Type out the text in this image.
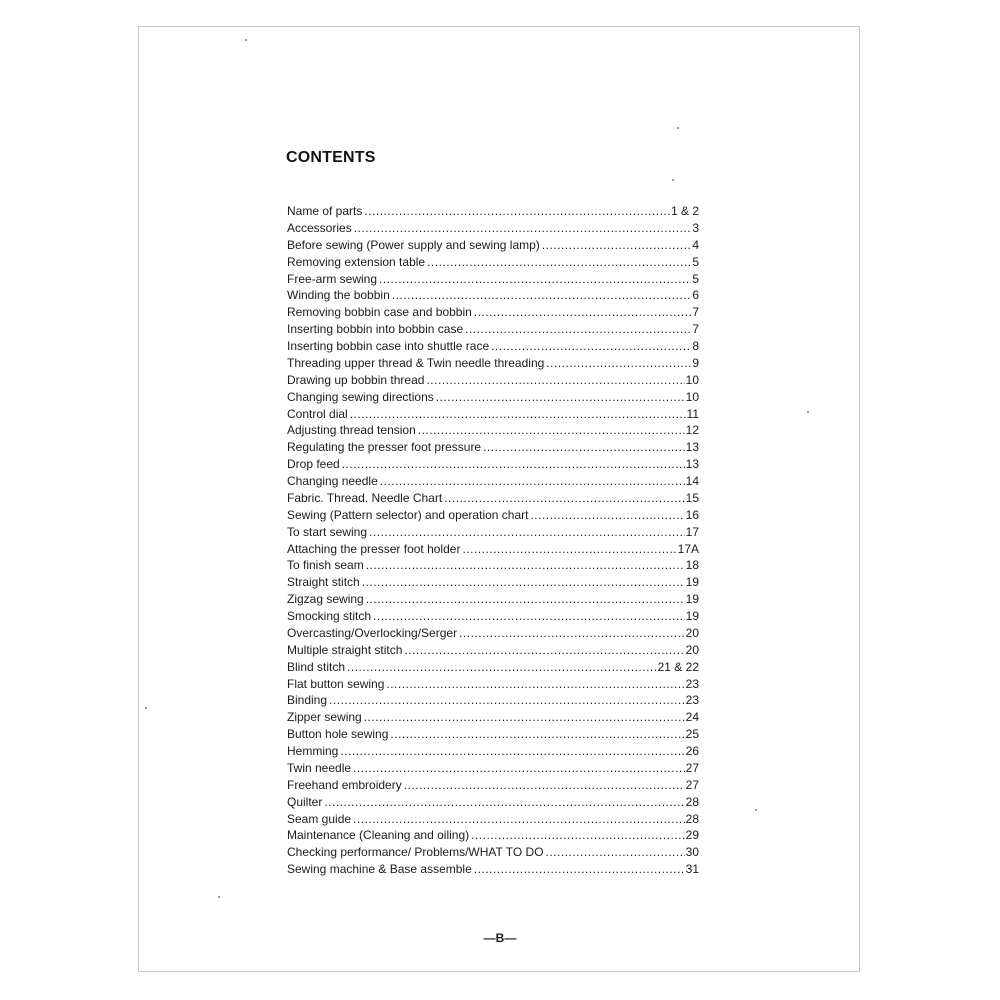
CONTENTS
Name of parts .....	1 & 2
Accessories .....	3
Before sewing (Power supply and sewing lamp) .....	4
Removing extension table .....	5
Free-arm sewing .....	5
Winding the bobbin .....	6
Removing bobbin case and bobbin .....	7
Inserting bobbin into bobbin case .....	7
Inserting bobbin case into shuttle race .....	8
Threading upper thread & Twin needle threading .....	9
Drawing up bobbin thread .....	10
Changing sewing directions .....	10
Control dial .....	11
Adjusting thread tension .....	12
Regulating the presser foot pressure .....	13
Drop feed .....	13
Changing needle .....	14
Fabric. Thread. Needle Chart .....	15
Sewing (Pattern selector) and operation chart .....	16
To start sewing .....	17
Attaching the presser foot holder .....	17A
To finish seam .....	18
Straight stitch .....	19
Zigzag sewing .....	19
Smocking stitch .....	19
Overcasting/Overlocking/Serger .....	20
Multiple straight stitch .....	20
Blind stitch .....	21 & 22
Flat button sewing .....	23
Binding .....	23
Zipper sewing .....	24
Button hole sewing .....	25
Hemming .....	26
Twin needle .....	27
Freehand embroidery .....	27
Quilter .....	28
Seam guide .....	28
Maintenance (Cleaning and oiling) .....	29
Checking performance/ Problems/WHAT TO DO .....	30
Sewing machine & Base assemble .....	31
—B—
